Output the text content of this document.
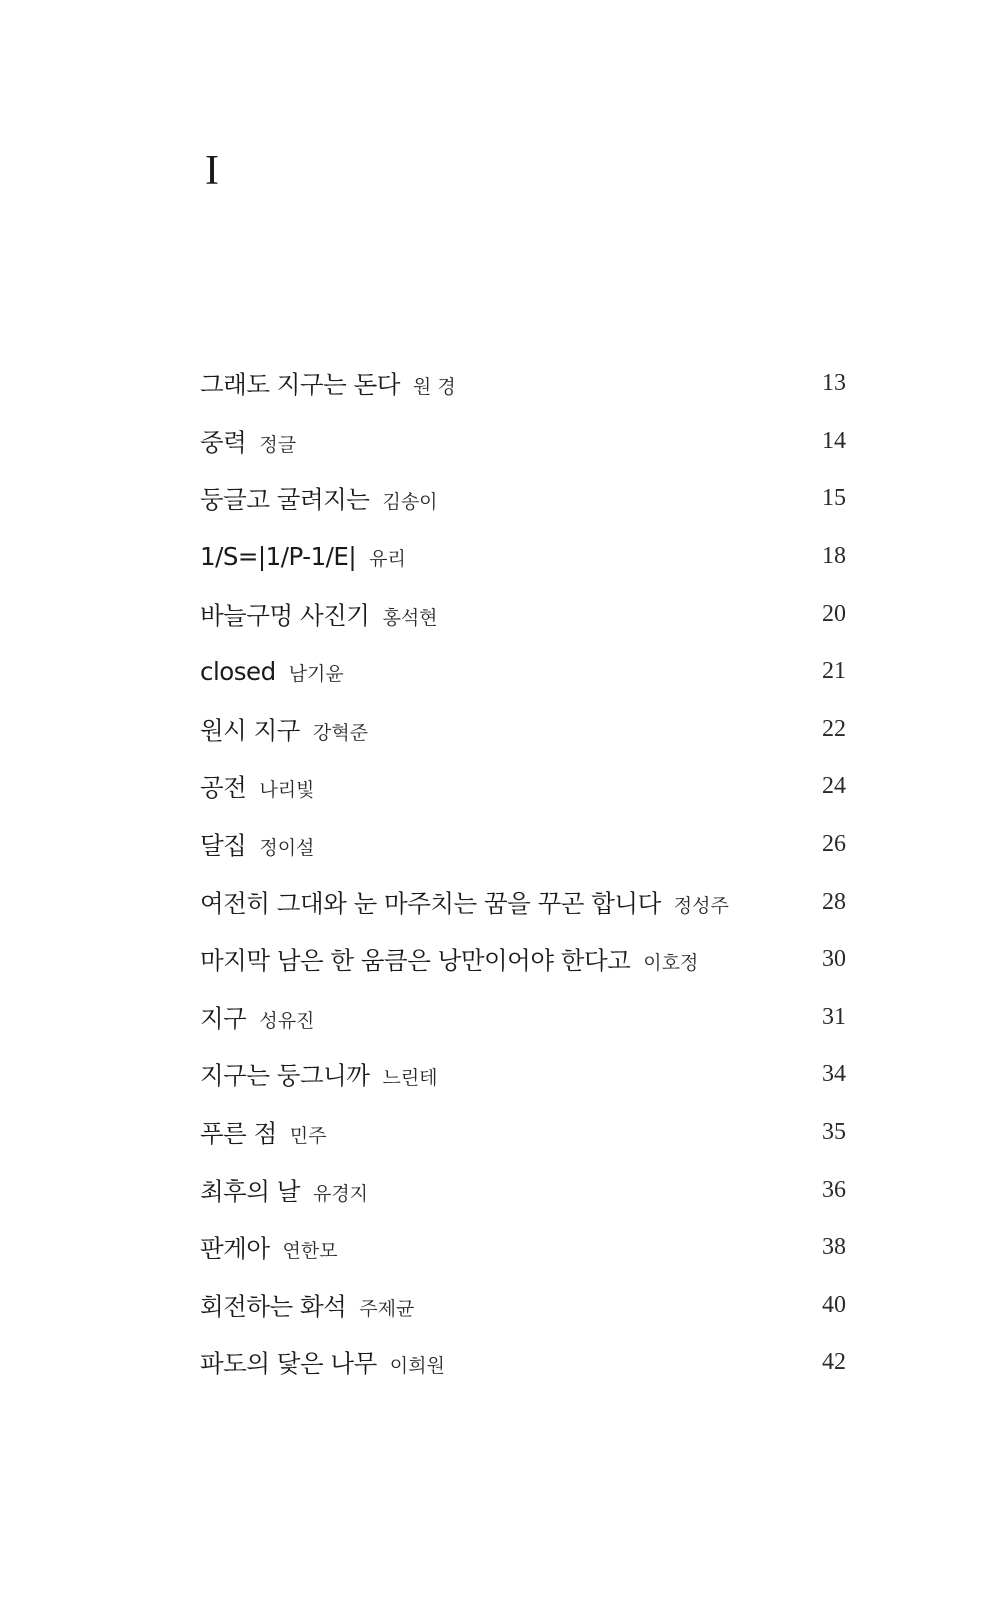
I
그래도 지구는 돈다 원 경	13
중력 정글	14
둥글고 굴려지는 김송이	15
1/S=|1/P-1/E| 유리	18
바늘구멍 사진기 홍석현	20
closed 남기윤	21
원시 지구 강혁준	22
공전 나리빛	24
달집 정이설	26
여전히 그대와 눈 마주치는 꿈을 꾸곤 합니다 정성주	28
마지막 남은 한 움큼은 낭만이어야 한다고 이호정	30
지구 성유진	31
지구는 둥그니까 느린테	34
푸른 점 민주	35
최후의 날 유경지	36
판게아 연한모	38
회전하는 화석 주제균	40
파도의 닻은 나무 이희원	42
